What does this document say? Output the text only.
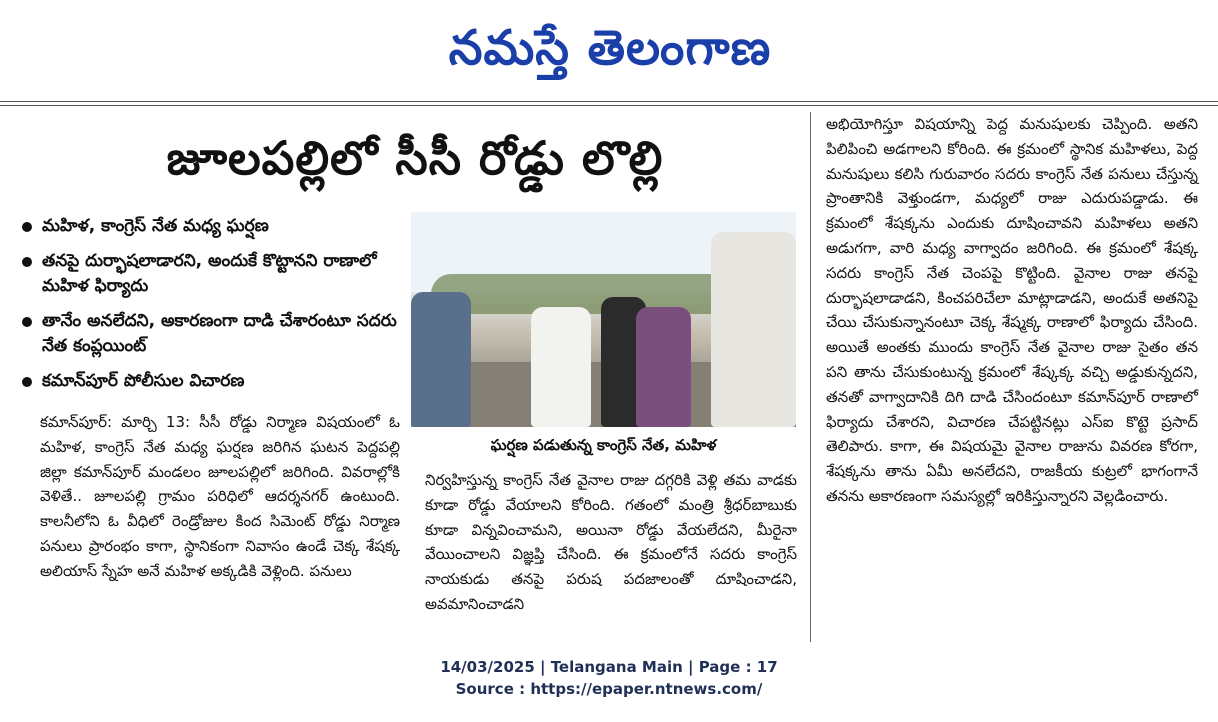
నమస్తే తెలంగాణ
జూలపల్లిలో సీసీ రోడ్డు లొల్లి
మహిళ, కాంగ్రెస్ నేత మధ్య ఘర్షణ
తనపై దుర్భాషలాడారని, అందుకే కొట్టానని రాణాలో మహిళ ఫిర్యాదు
తానేం అనలేదని, అకారణంగా దాడి చేశారంటూ సదరు నేత కంప్లయింట్
కమాన్‌పూర్ పోలీసుల విచారణ
కమాన్‌పూర్: మార్చి 13: సీసీ రోడ్డు నిర్మాణ విషయంలో ఓ మహిళ, కాంగ్రెస్ నేత మధ్య ఘర్షణ జరిగిన ఘటన పెద్దపల్లి జిల్లా కమాన్‌పూర్ మండలం జూలపల్లిలో జరిగింది. వివరాల్లోకి వెళితే.. జూలపల్లి గ్రామం పరిధిలో ఆదర్శనగర్ ఉంటుంది. కాలనీలోని ఓ వీధిలో రెండ్రోజుల కింద సిమెంట్ రోడ్డు నిర్మాణ పనులు ప్రారంభం కాగా, స్థానికంగా నివాసం ఉండే చెక్క శేషక్క అలియాస్ స్నేహ అనే మహిళ అక్కడికి వెళ్లింది. పనులు
ఘర్షణ పడుతున్న కాంగ్రెస్ నేత, మహిళ
నిర్వహిస్తున్న కాంగ్రెస్ నేత వైనాల రాజు దగ్గరికి వెళ్లి తమ వాడకు కూడా రోడ్డు వేయాలని కోరింది. గతంలో మంత్రి శ్రీధర్‌బాబుకు కూడా విన్నవించామని, అయినా రోడ్డు వేయలేదని, మీరైనా వేయించాలని విజ్ఞప్తి చేసింది. ఈ క్రమంలోనే సదరు కాంగ్రెస్ నాయకుడు తనపై పరుష పదజాలంతో దూషించాడని, అవమానించాడని
అభియోగిస్తూ విషయాన్ని పెద్ద మనుషులకు చెప్పింది. అతని పిలిపించి అడగాలని కోరింది. ఈ క్రమంలో స్థానిక మహిళలు, పెద్ద మనుషులు కలిసి గురువారం సదరు కాంగ్రెస్ నేత పనులు చేస్తున్న ప్రాంతానికి వెళ్తుండగా, మధ్యలో రాజు ఎదురుపడ్డాడు. ఈ క్రమంలో శేషక్కను ఎందుకు దూషించావని మహిళలు అతని అడుగగా, వారి మధ్య వాగ్వాదం జరిగింది. ఈ క్రమంలో శేషక్క సదరు కాంగ్రెస్ నేత చెంపపై కొట్టింది. వైనాల రాజు తనపై దుర్భాషలాడాడని, కించపరిచేలా మాట్లాడాడని, అందుకే అతనిపై చేయి చేసుకున్నానంటూ చెక్క శేష్మక్క రాణాలో ఫిర్యాదు చేసింది. అయితే అంతకు ముందు కాంగ్రెస్ నేత వైనాల రాజు సైతం తన పని తాను చేసుకుంటున్న క్రమంలో శేష్కక్క వచ్చి అడ్డుకున్నదని, తనతో వాగ్వాదానికి దిగి దాడి చేసిందంటూ కమాన్‌పూర్ రాణాలో ఫిర్యాదు చేశారని, విచారణ చేపట్టినట్లు ఎస్ఐ కొట్టె ప్రసాద్ తెలిపారు. కాగా, ఈ విషయమై వైనాల రాజును వివరణ కోరగా, శేషక్కను తాను ఏమీ అనలేదని, రాజకీయ కుట్రలో భాగంగానే తనను అకారణంగా సమస్యల్లో ఇరికిస్తున్నారని వెల్లడించారు.
14/03/2025 | Telangana Main | Page : 17
Source : https://epaper.ntnews.com/
